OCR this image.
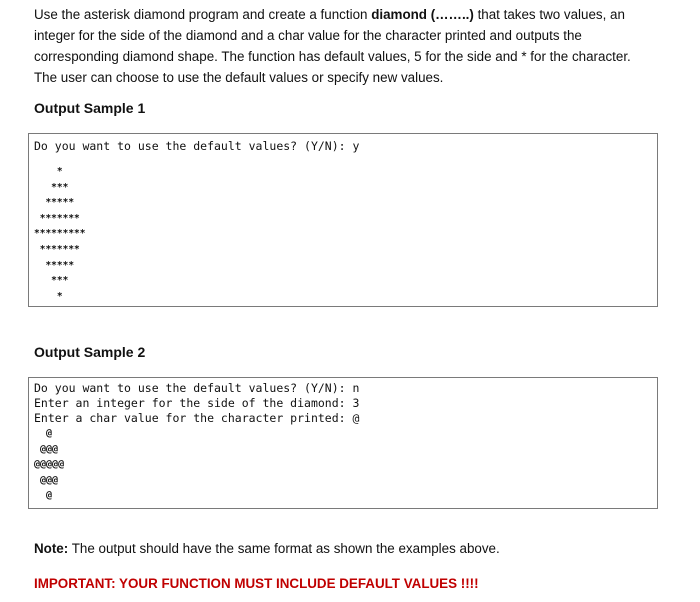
Use the asterisk diamond program and create a function diamond (……..) that takes two values, an integer for the side of the diamond and a char value for the character printed and outputs the corresponding diamond shape. The function has default values, 5 for the side and * for the character. The user can choose to use the default values or specify new values.

Output Sample 1

Do you want to use the default values? (Y/N): y
*
***
*****
*******
*********
*******
*****
***
*

Output Sample 2

Do you want to use the default values? (Y/N): n
Enter an integer for the side of the diamond: 3
Enter a char value for the character printed: @
@
@@@
@@@@@
@@@
@

Note: The output should have the same format as shown the examples above.

IMPORTANT: YOUR FUNCTION MUST INCLUDE DEFAULT VALUES !!!!
